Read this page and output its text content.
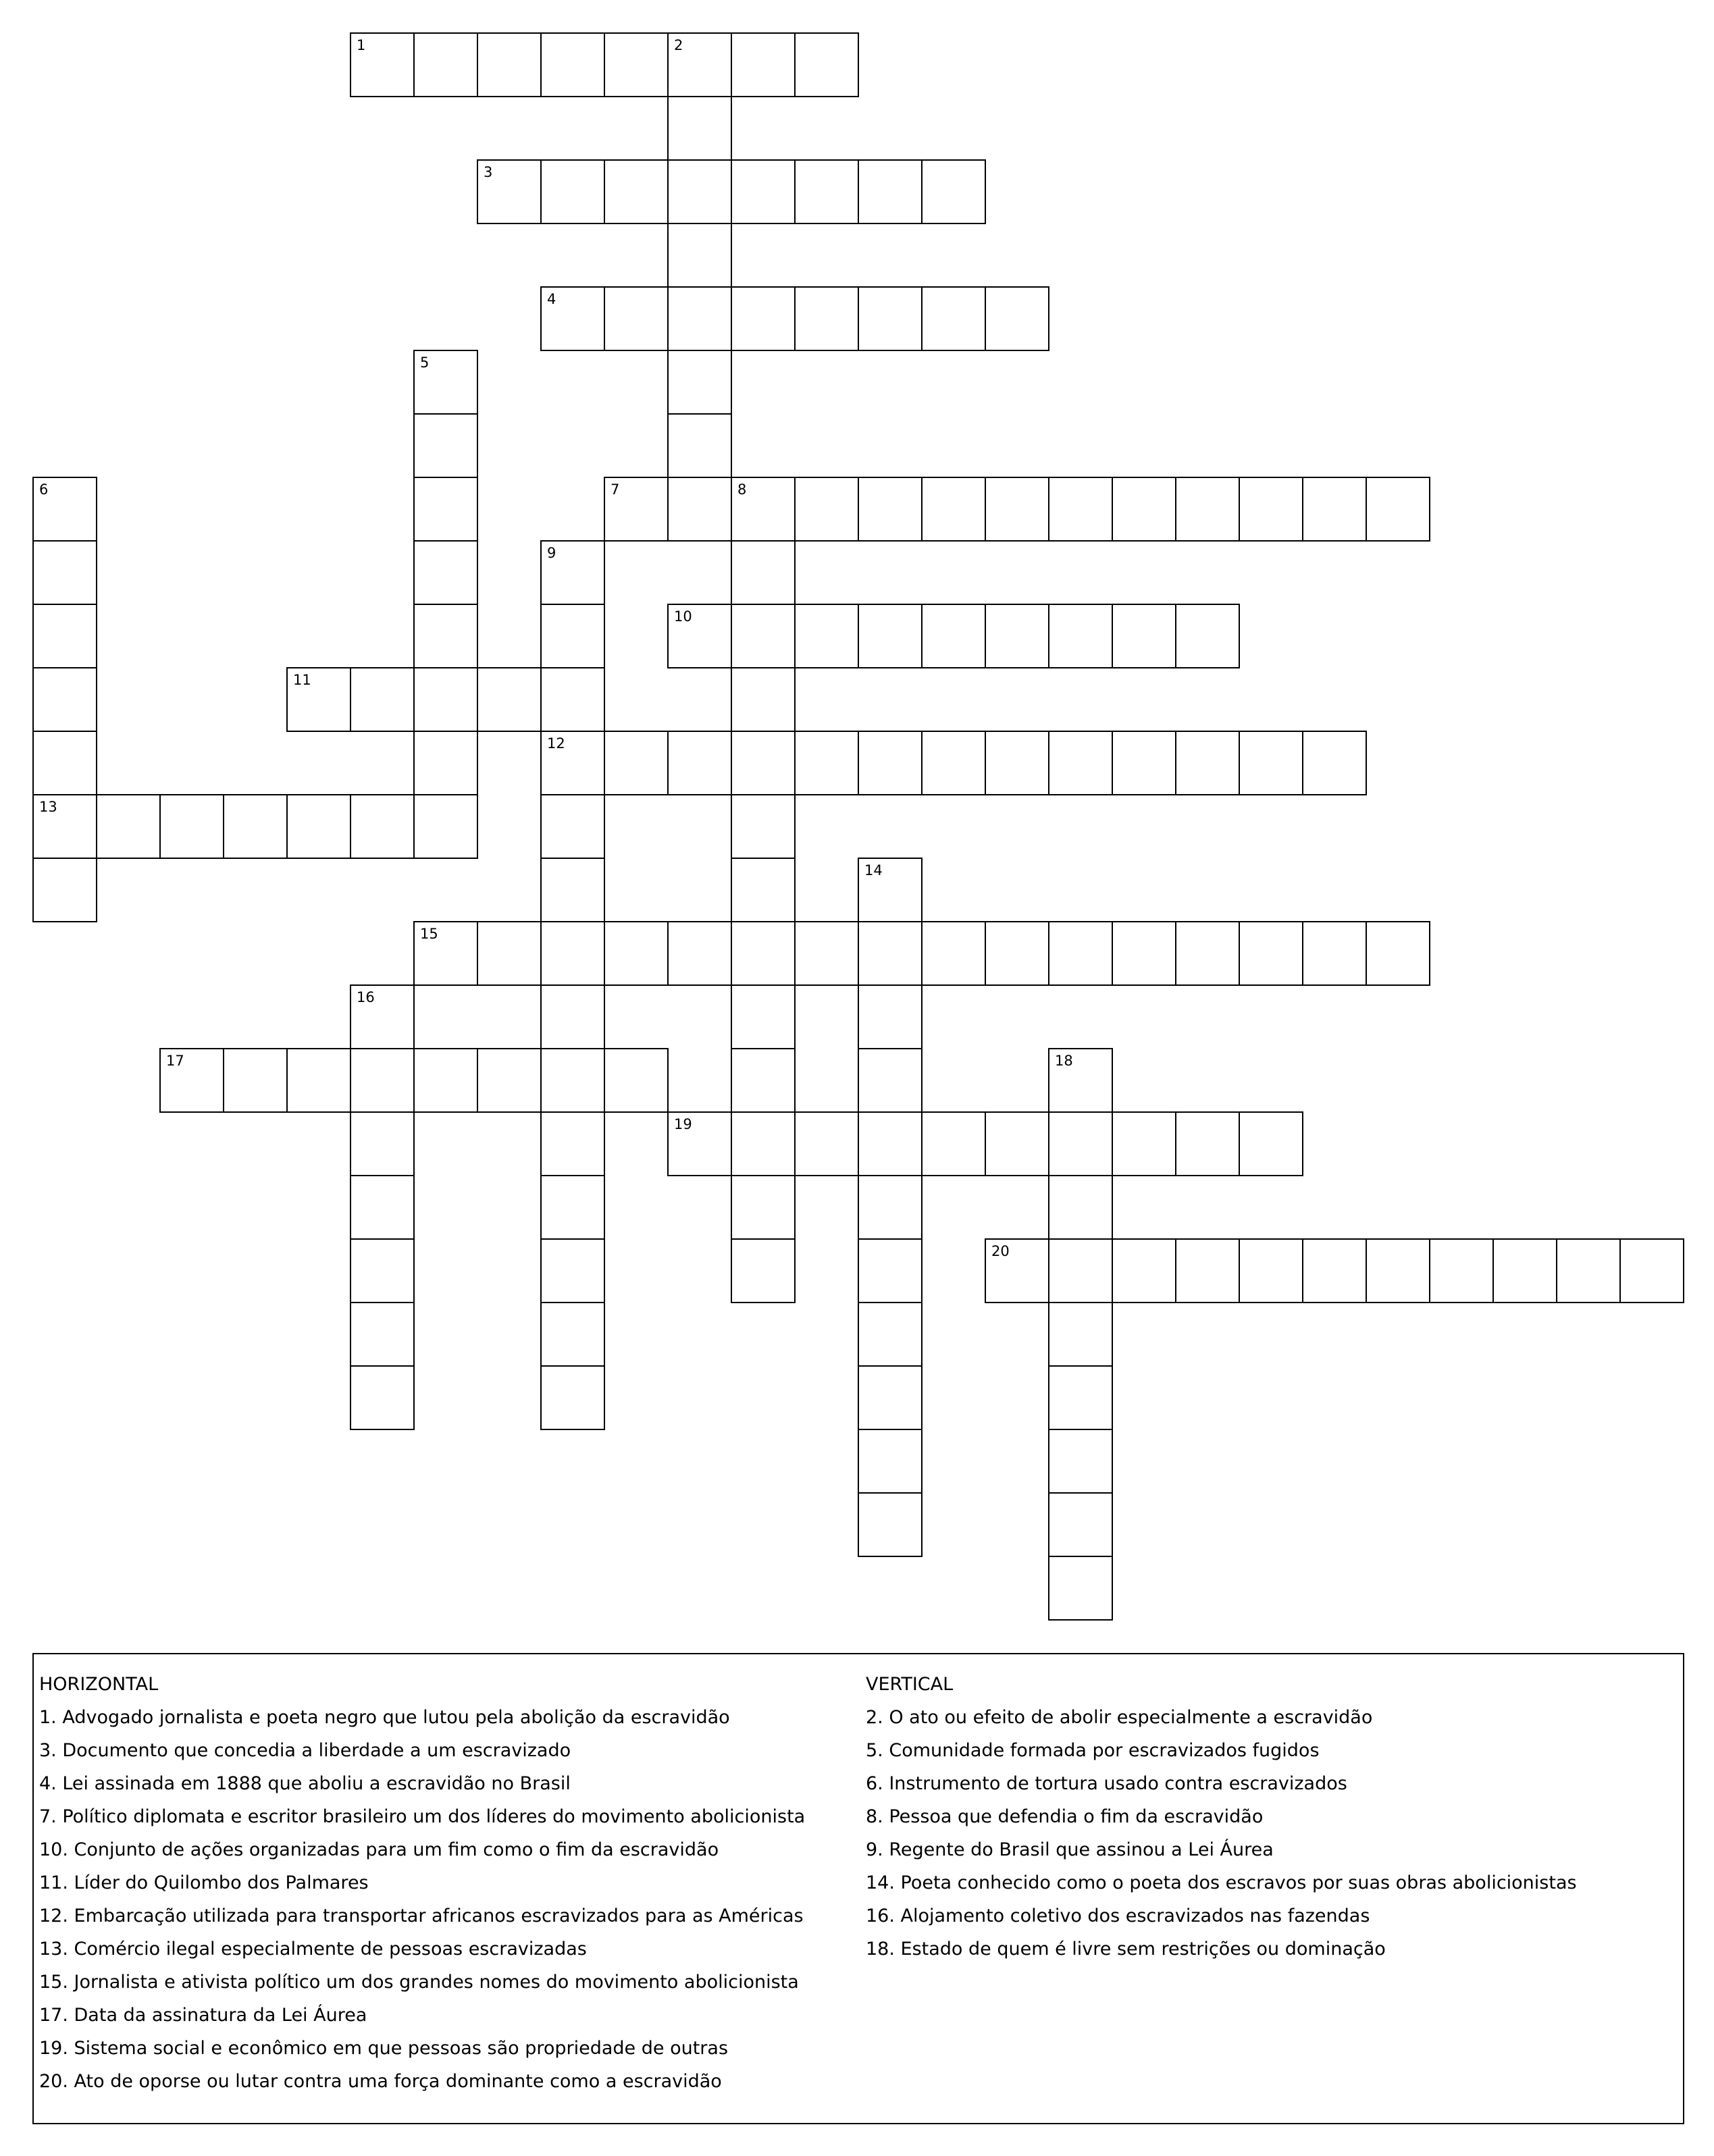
1	2
3
4
5
6
13
7	8
9
12
10
11
14
15
16
17	18
19
20
HORIZONTAL
1. Advogado jornalista e poeta negro que lutou pela abolição da escravidão
3. Documento que concedia a liberdade a um escravizado
4. Lei assinada em 1888 que aboliu a escravidão no Brasil
7. Político diplomata e escritor brasileiro um dos líderes do movimento abolicionista
10. Conjunto de ações organizadas para um fim como o fim da escravidão
11. Líder do Quilombo dos Palmares
12. Embarcação utilizada para transportar africanos escravizados para as Américas
13. Comércio ilegal especialmente de pessoas escravizadas
15. Jornalista e ativista político um dos grandes nomes do movimento abolicionista
17. Data da assinatura da Lei Áurea
19. Sistema social e econômico em que pessoas são propriedade de outras
20. Ato de oporse ou lutar contra uma força dominante como a escravidão
VERTICAL
2. O ato ou efeito de abolir especialmente a escravidão
5. Comunidade formada por escravizados fugidos
6. Instrumento de tortura usado contra escravizados
8. Pessoa que defendia o fim da escravidão
9. Regente do Brasil que assinou a Lei Áurea
14. Poeta conhecido como o poeta dos escravos por suas obras abolicionistas
16. Alojamento coletivo dos escravizados nas fazendas
18. Estado de quem é livre sem restrições ou dominação
